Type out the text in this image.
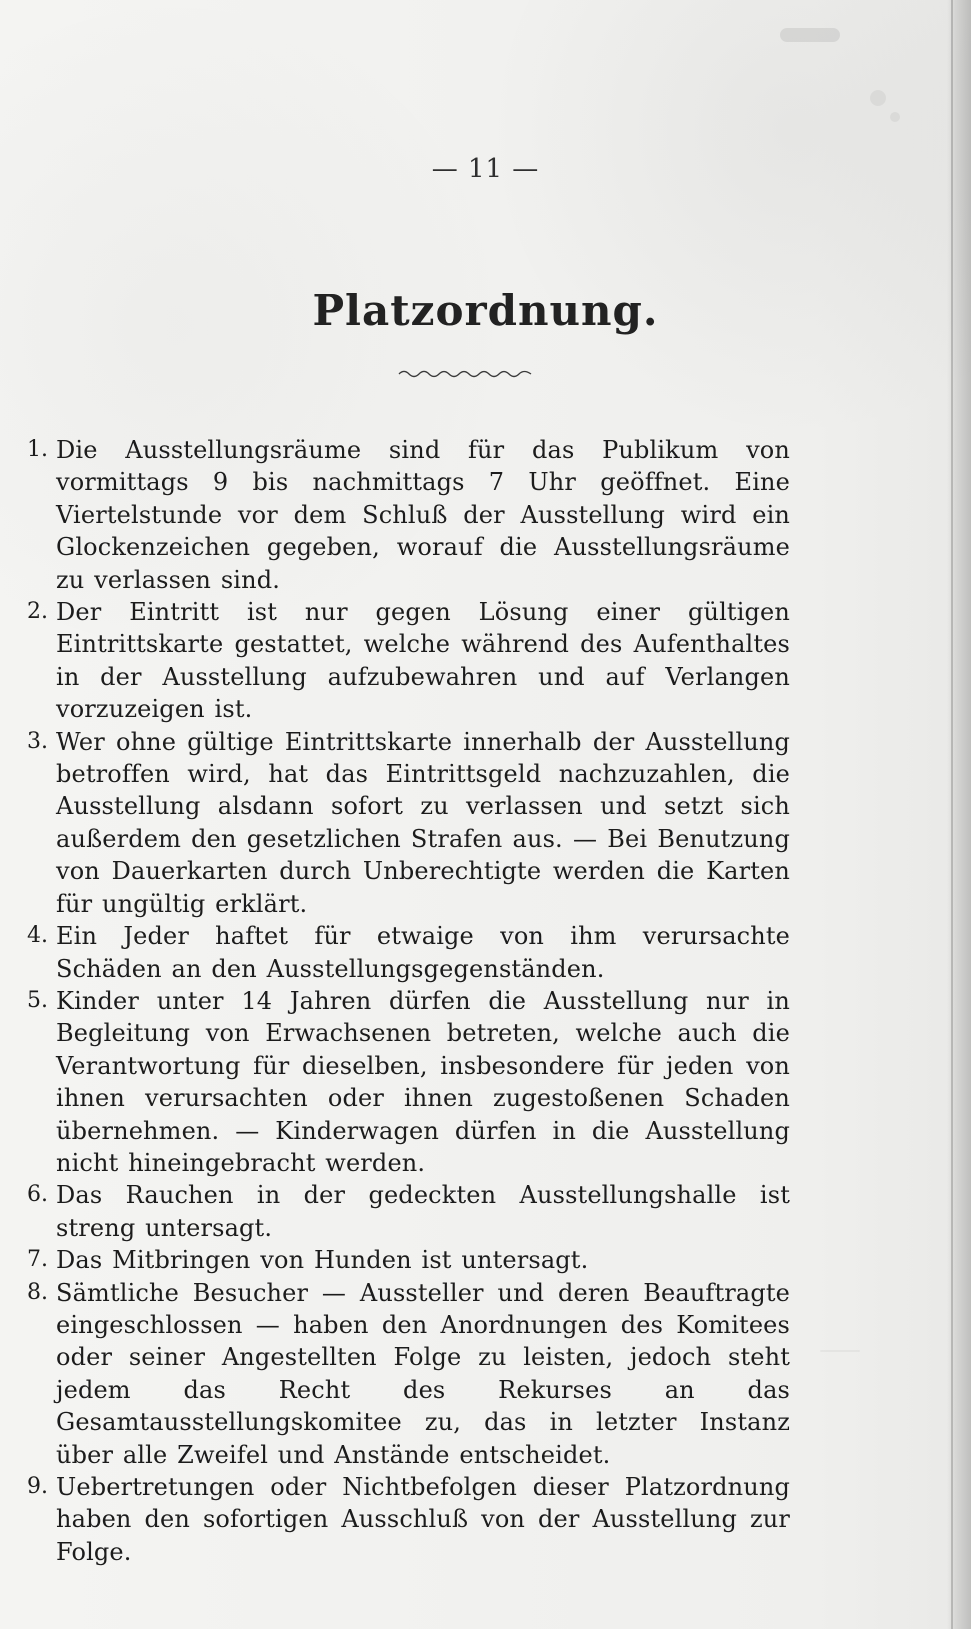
— 11 —
Platzordnung.
1. Die Ausstellungsräume sind für das Publikum von vormittags 9 bis nachmittags 7 Uhr geöffnet. Eine Viertelstunde vor dem Schluß der Ausstellung wird ein Glockenzeichen gegeben, worauf die Ausstellungsräume zu verlassen sind.

2. Der Eintritt ist nur gegen Lösung einer gültigen Eintrittskarte gestattet, welche während des Aufenthaltes in der Ausstellung aufzubewahren und auf Verlangen vorzuzeigen ist.

3. Wer ohne gültige Eintrittskarte innerhalb der Ausstellung betroffen wird, hat das Eintrittsgeld nachzuzahlen, die Ausstellung alsdann sofort zu verlassen und setzt sich außerdem den gesetzlichen Strafen aus. — Bei Benutzung von Dauerkarten durch Unberechtigte werden die Karten für ungültig erklärt.

4. Ein Jeder haftet für etwaige von ihm verursachte Schäden an den Ausstellungsgegenständen.

5. Kinder unter 14 Jahren dürfen die Ausstellung nur in Begleitung von Erwachsenen betreten, welche auch die Verantwortung für dieselben, insbesondere für jeden von ihnen verursachten oder ihnen zugestoßenen Schaden übernehmen. — Kinderwagen dürfen in die Ausstellung nicht hineingebracht werden.

6. Das Rauchen in der gedeckten Ausstellungshalle ist streng untersagt.

7. Das Mitbringen von Hunden ist untersagt.

8. Sämtliche Besucher — Aussteller und deren Beauftragte eingeschlossen — haben den Anordnungen des Komitees oder seiner Angestellten Folge zu leisten, jedoch steht jedem das Recht des Rekurses an das Gesamtausstellungskomitee zu, das in letzter Instanz über alle Zweifel und Anstände entscheidet.

9. Uebertretungen oder Nichtbefolgen dieser Platzordnung haben den sofortigen Ausschluß von der Ausstellung zur Folge.
